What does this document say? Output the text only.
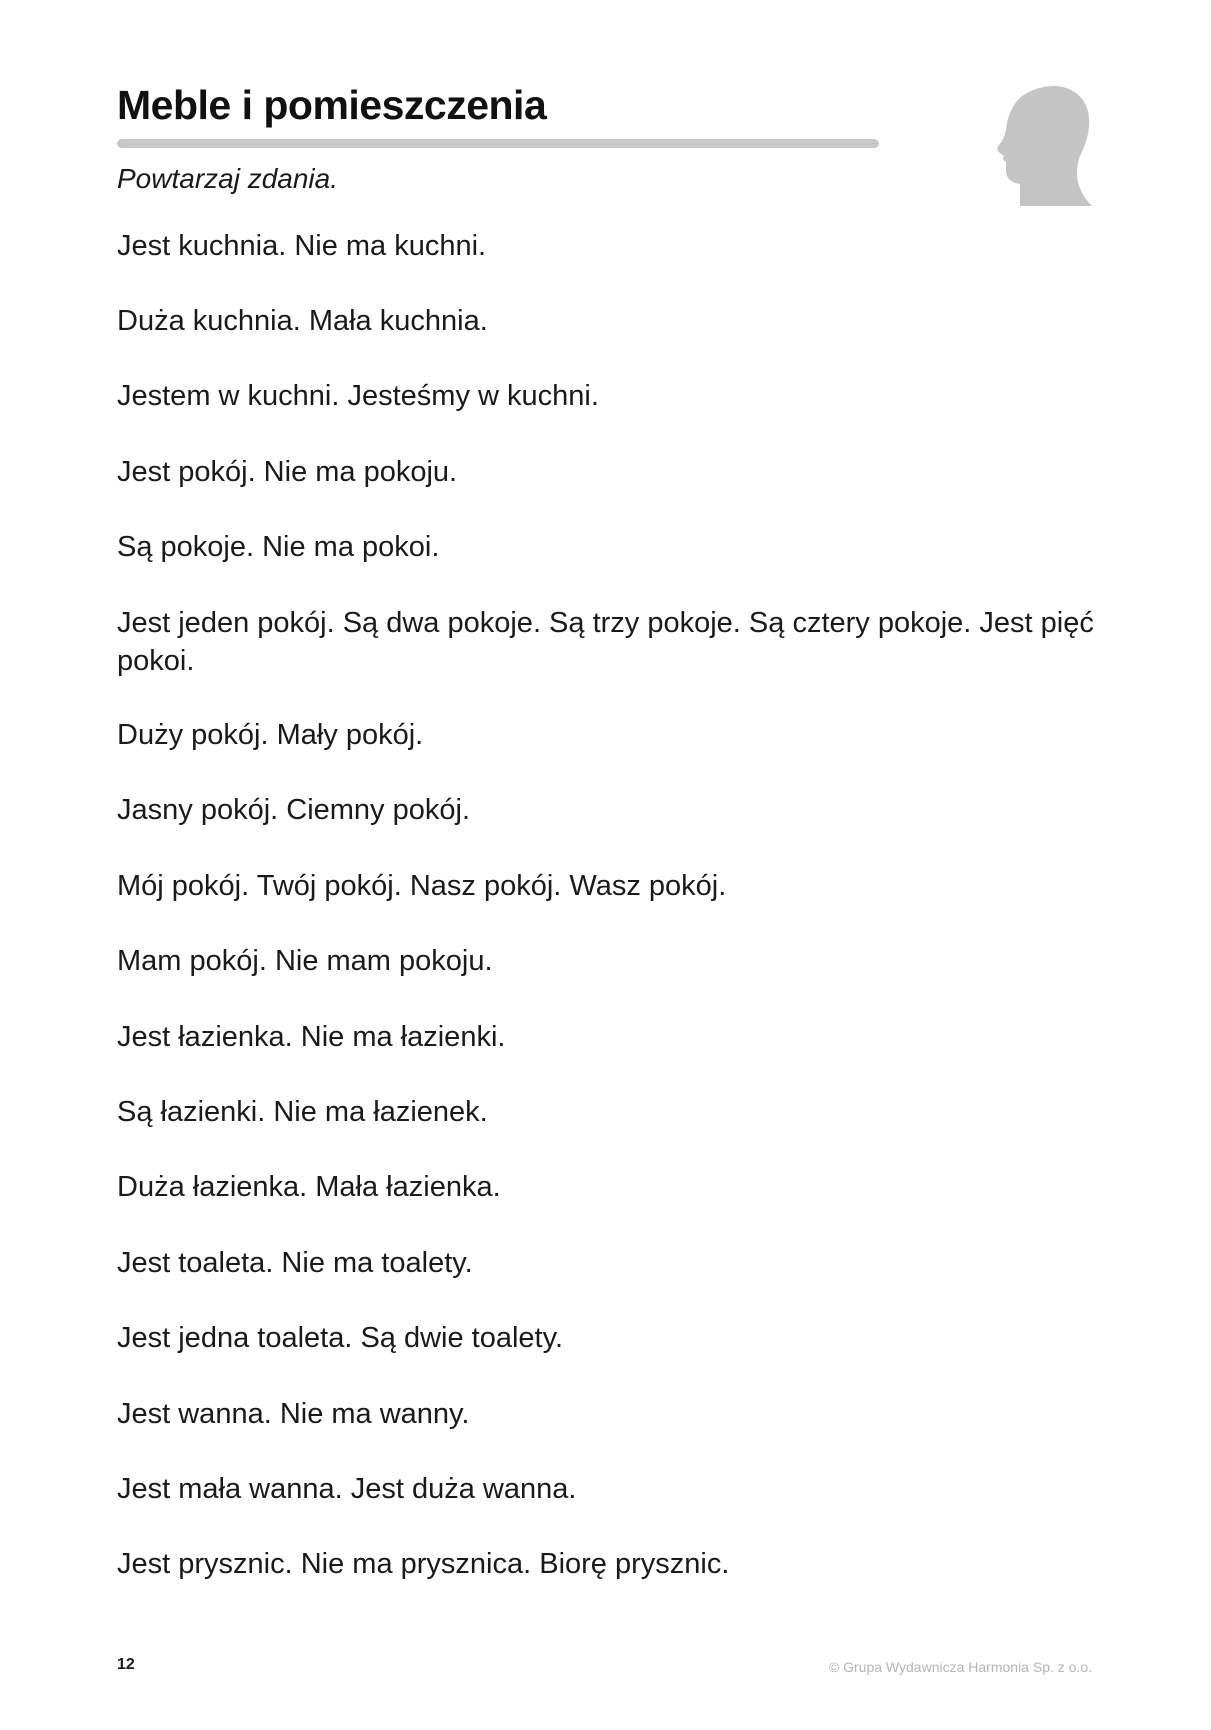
Meble i pomieszczenia

Powtarzaj zdania.

Jest kuchnia. Nie ma kuchni.
Duża kuchnia. Mała kuchnia.
Jestem w kuchni. Jesteśmy w kuchni.
Jest pokój. Nie ma pokoju.
Są pokoje. Nie ma pokoi.
Jest jeden pokój. Są dwa pokoje. Są trzy pokoje. Są cztery pokoje. Jest pięć pokoi.
Duży pokój. Mały pokój.
Jasny pokój. Ciemny pokój.
Mój pokój. Twój pokój. Nasz pokój. Wasz pokój.
Mam pokój. Nie mam pokoju.
Jest łazienka. Nie ma łazienki.
Są łazienki. Nie ma łazienek.
Duża łazienka. Mała łazienka.
Jest toaleta. Nie ma toalety.
Jest jedna toaleta. Są dwie toalety.
Jest wanna. Nie ma wanny.
Jest mała wanna. Jest duża wanna.
Jest prysznic. Nie ma prysznica. Biorę prysznic.
12	© Grupa Wydawnicza Harmonia Sp. z o.o.
